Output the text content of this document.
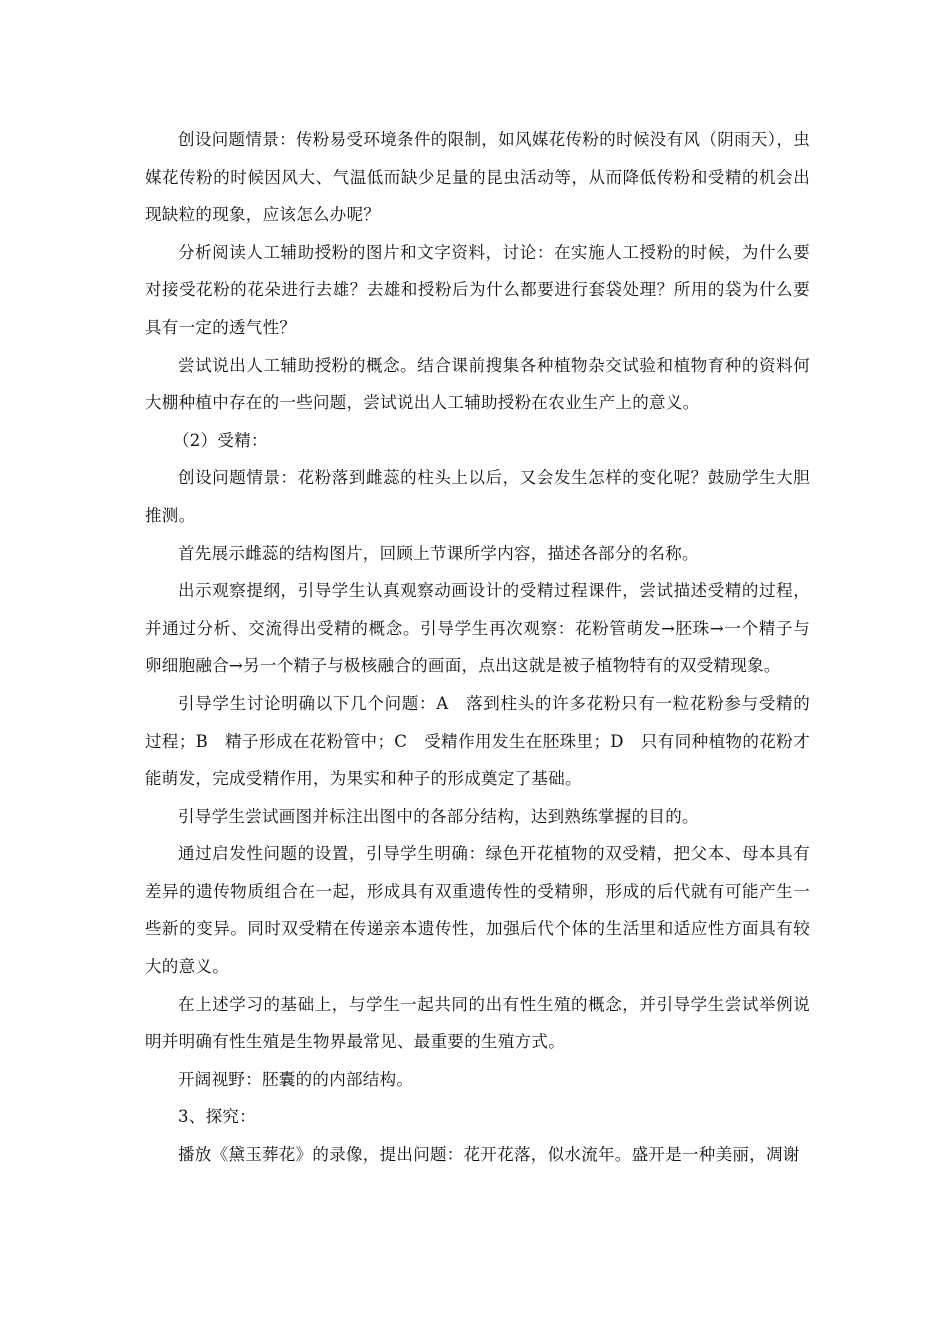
创设问题情景：传粉易受环境条件的限制，如风媒花传粉的时候没有风（阴雨天），虫媒花传粉的时候因风大、气温低而缺少足量的昆虫活动等，从而降低传粉和受精的机会出现缺粒的现象，应该怎么办呢？

分析阅读人工辅助授粉的图片和文字资料，讨论：在实施人工授粉的时候，为什么要对接受花粉的花朵进行去雄？去雄和授粉后为什么都要进行套袋处理？所用的袋为什么要具有一定的透气性？

尝试说出人工辅助授粉的概念。结合课前搜集各种植物杂交试验和植物育种的资料何大棚种植中存在的一些问题，尝试说出人工辅助授粉在农业生产上的意义。

（2）受精：

创设问题情景：花粉落到雌蕊的柱头上以后，又会发生怎样的变化呢？鼓励学生大胆推测。

首先展示雌蕊的结构图片，回顾上节课所学内容，描述各部分的名称。

出示观察提纲，引导学生认真观察动画设计的受精过程课件，尝试描述受精的过程，并通过分析、交流得出受精的概念。引导学生再次观察：花粉管萌发→胚珠→一个精子与卵细胞融合→另一个精子与极核融合的画面，点出这就是被子植物特有的双受精现象。

引导学生讨论明确以下几个问题：A　落到柱头的许多花粉只有一粒花粉参与受精的过程；B　精子形成在花粉管中；C　受精作用发生在胚珠里；D　只有同种植物的花粉才能萌发，完成受精作用，为果实和种子的形成奠定了基础。

引导学生尝试画图并标注出图中的各部分结构，达到熟练掌握的目的。

通过启发性问题的设置，引导学生明确：绿色开花植物的双受精，把父本、母本具有差异的遗传物质组合在一起，形成具有双重遗传性的受精卵，形成的后代就有可能产生一些新的变异。同时双受精在传递亲本遗传性，加强后代个体的生活里和适应性方面具有较大的意义。

在上述学习的基础上，与学生一起共同的出有性生殖的概念，并引导学生尝试举例说明并明确有性生殖是生物界最常见、最重要的生殖方式。

开阔视野：胚囊的的内部结构。

3、探究：

播放《黛玉葬花》的录像，提出问题：花开花落，似水流年。盛开是一种美丽，凋谢
